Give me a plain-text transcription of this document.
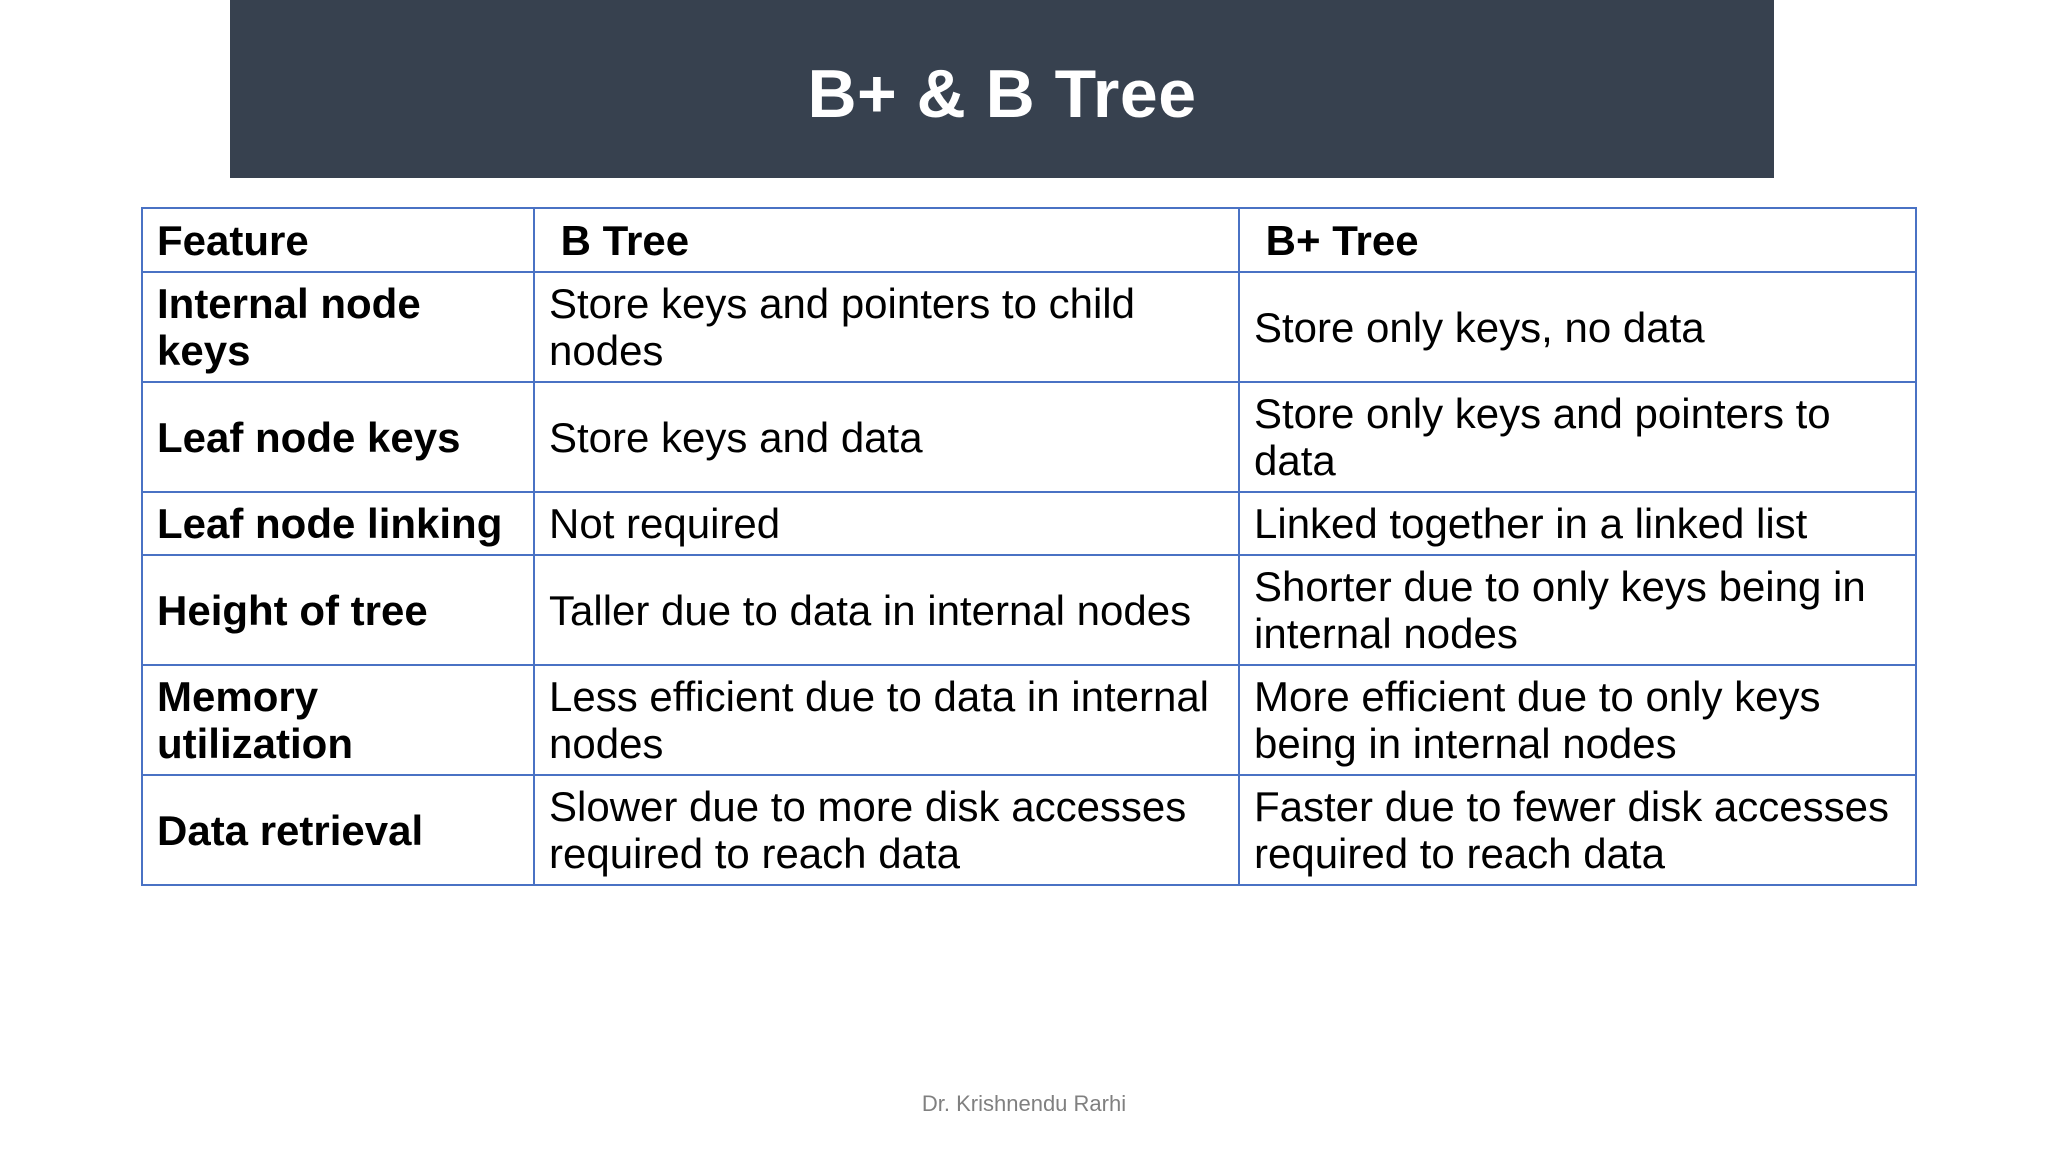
B+ & B Tree
Feature	B Tree	B+ Tree
Internal node keys	Store keys and pointers to child nodes	Store only keys, no data
Leaf node keys	Store keys and data	Store only keys and pointers to data
Leaf node linking	Not required	Linked together in a linked list
Height of tree	Taller due to data in internal nodes	Shorter due to only keys being in internal nodes
Memory utilization	Less efficient due to data in internal nodes	More efficient due to only keys being in internal nodes
Data retrieval	Slower due to more disk accesses required to reach data	Faster due to fewer disk accesses required to reach data
Dr. Krishnendu Rarhi
